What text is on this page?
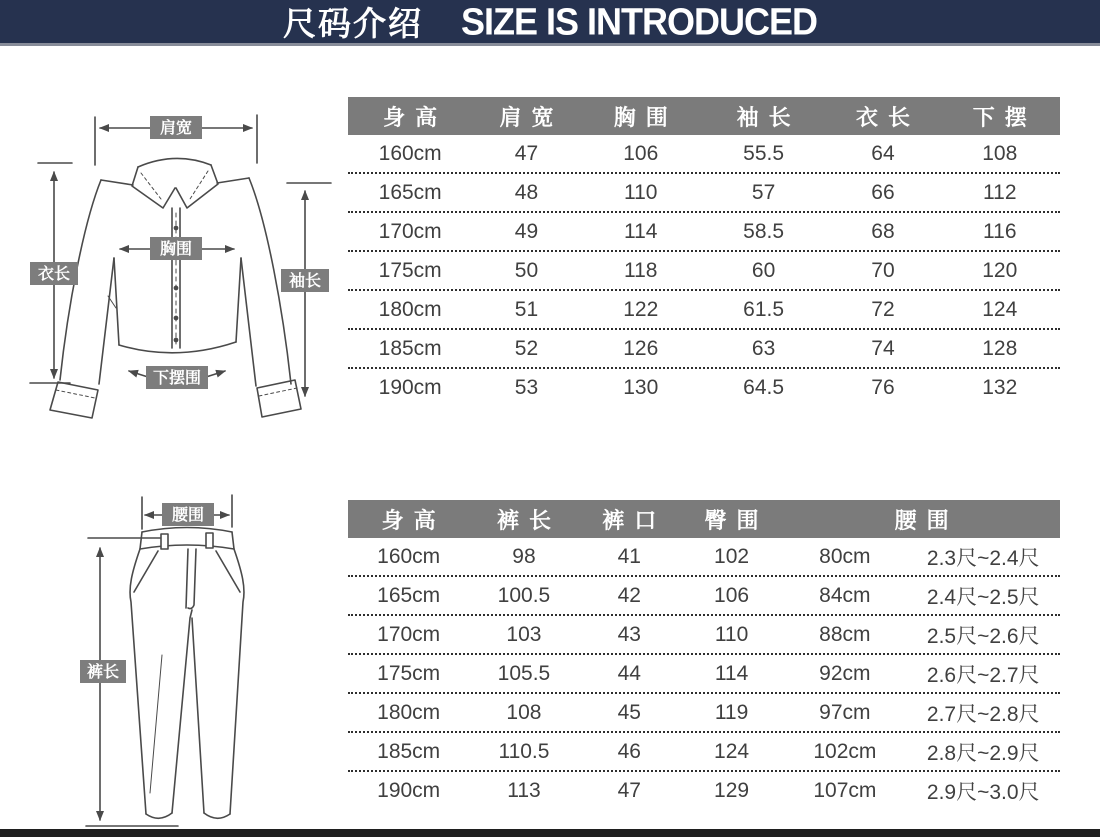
尺码介绍 SIZE IS INTRODUCED
肩宽
胸围
衣长	袖长
下摆围
腰围
裤长
身高	肩宽	胸围	袖长	衣长	下摆
160cm	47	106	55.5	64	108
165cm	48	110	57	66	112
170cm	49	114	58.5	68	116
175cm	50	118	60	70	120
180cm	51	122	61.5	72	124
185cm	52	126	63	74	128
190cm	53	130	64.5	76	132
身高	裤长	裤口	臀围	腰围
160cm	98	41	102	80cm	2.3尺~2.4尺
165cm	100.5	42	106	84cm	2.4尺~2.5尺
170cm	103	43	110	88cm	2.5尺~2.6尺
175cm	105.5	44	114	92cm	2.6尺~2.7尺
180cm	108	45	119	97cm	2.7尺~2.8尺
185cm	110.5	46	124	102cm	2.8尺~2.9尺
190cm	113	47	129	107cm	2.9尺~3.0尺
